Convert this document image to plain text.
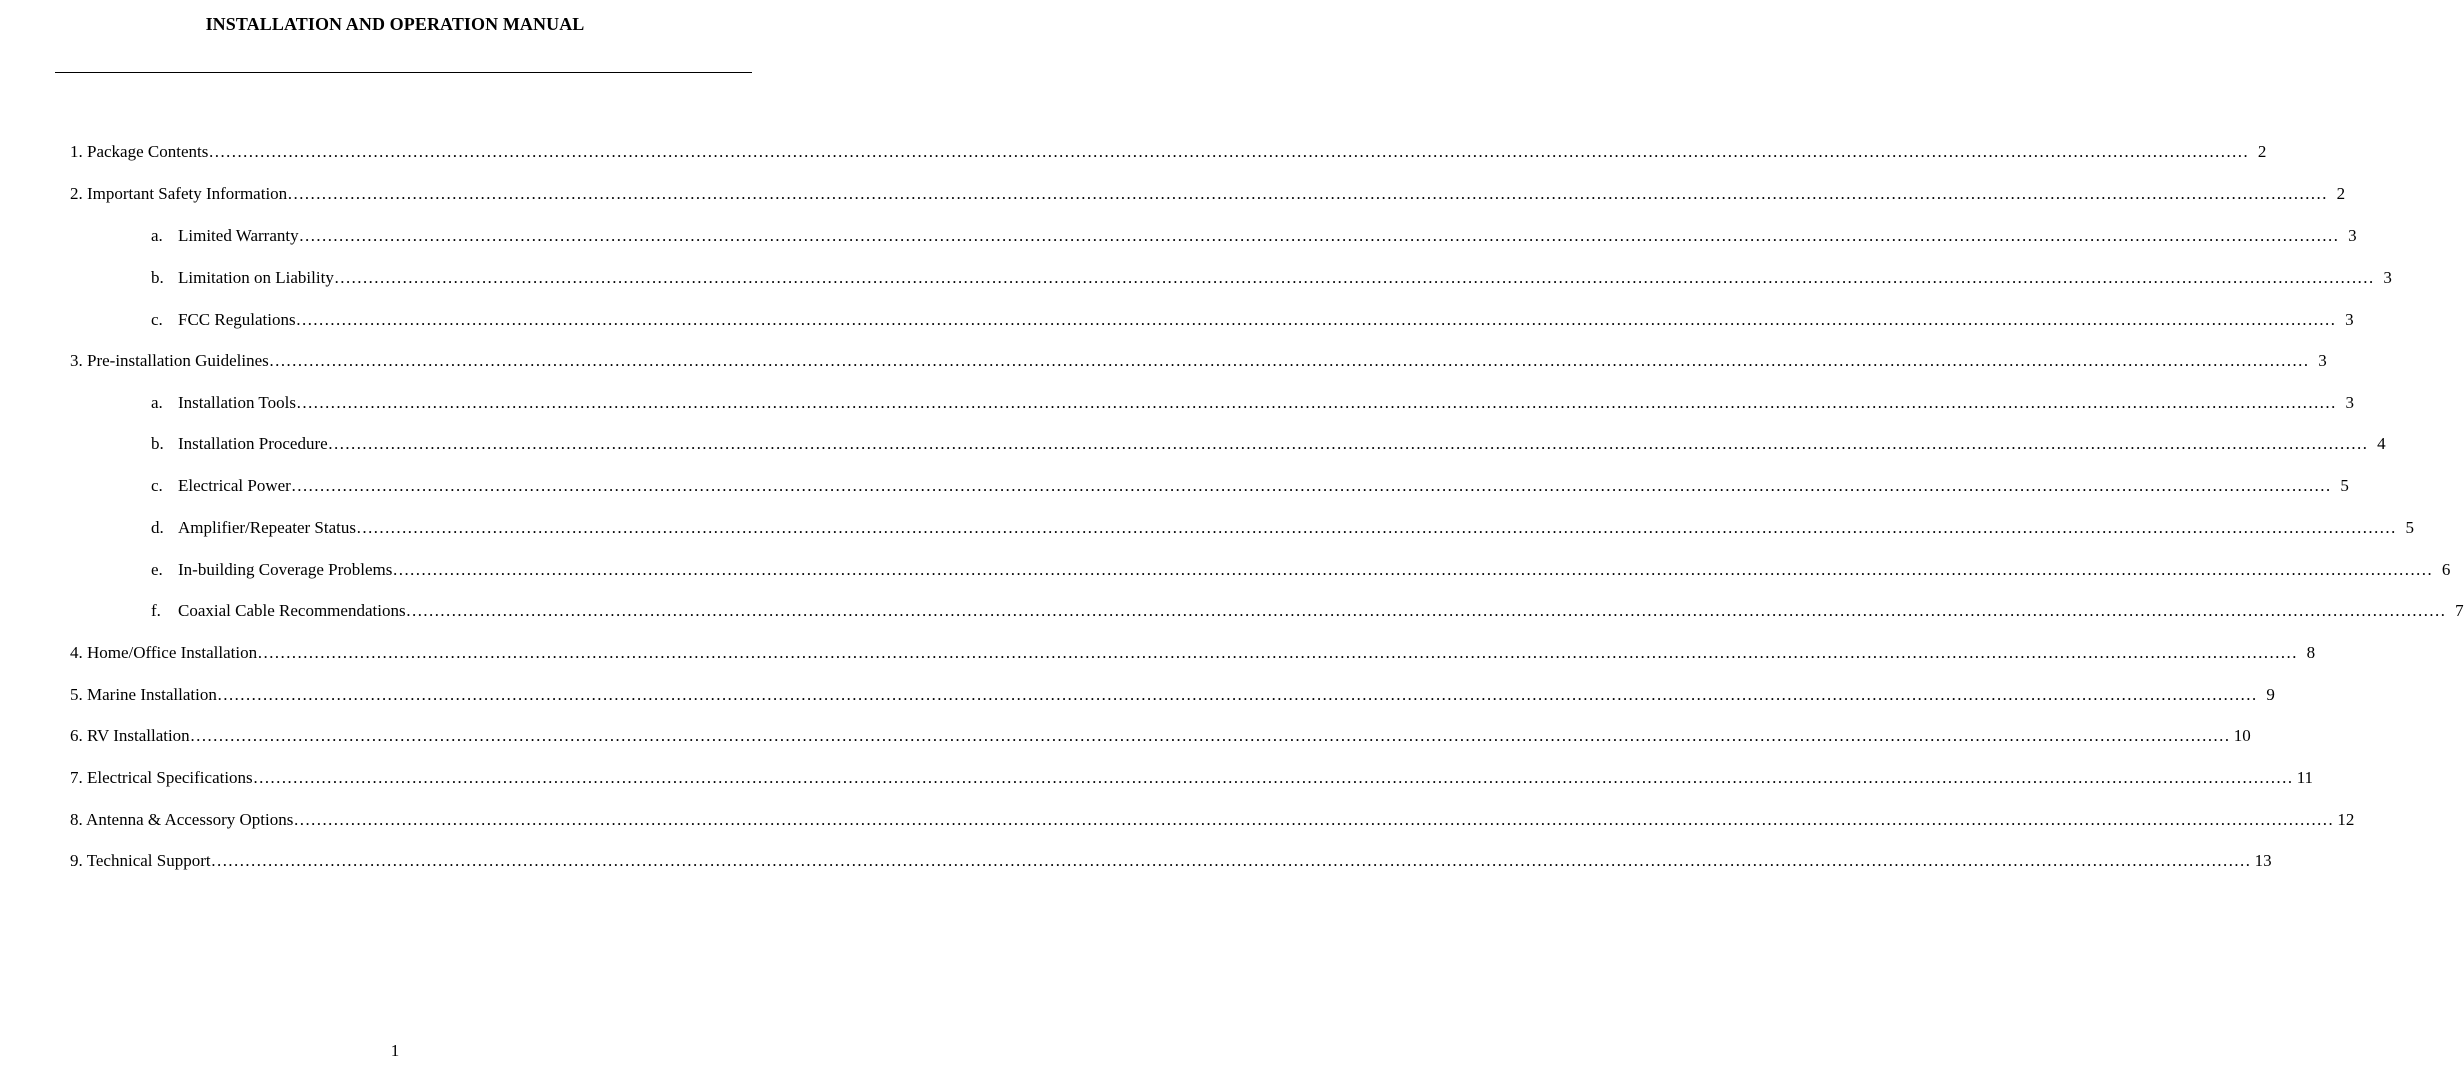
INSTALLATION AND OPERATION MANUAL
1. Package Contents ……………………………………………………………………………………………………………………………………………………………………………………………………………………………………………………………………………………………………………………………… 2
2. Important Safety Information ……………………………………………………………………………………………………………………………………………………………………………………………………………………………………………………………………………………………………………………………… 2
a. Limited Warranty ……………………………………………………………………………………………………………………………………………………………………………………………………………………………………………………………………………………………………………………………… 3
b. Limitation on Liability ……………………………………………………………………………………………………………………………………………………………………………………………………………………………………………………………………………………………………………………………… 3
c. FCC Regulations ……………………………………………………………………………………………………………………………………………………………………………………………………………………………………………………………………………………………………………………………… 3
3. Pre-installation Guidelines ……………………………………………………………………………………………………………………………………………………………………………………………………………………………………………………………………………………………………………………………… 3
a. Installation Tools ……………………………………………………………………………………………………………………………………………………………………………………………………………………………………………………………………………………………………………………………… 3
b. Installation Procedure ……………………………………………………………………………………………………………………………………………………………………………………………………………………………………………………………………………………………………………………………… 4
c. Electrical Power ……………………………………………………………………………………………………………………………………………………………………………………………………………………………………………………………………………………………………………………………… 5
d. Amplifier/Repeater Status ……………………………………………………………………………………………………………………………………………………………………………………………………………………………………………………………………………………………………………………………… 5
e. In-building Coverage Problems ……………………………………………………………………………………………………………………………………………………………………………………………………………………………………………………………………………………………………………………………… 6
f.	Coaxial Cable Recommendations ……………………………………………………………………………………………………………………………………………………………………………………………………………………………………………………………………………………………………………………………… 7
4. Home/Office Installation ……………………………………………………………………………………………………………………………………………………………………………………………………………………………………………………………………………………………………………………………… 8
5. Marine Installation ……………………………………………………………………………………………………………………………………………………………………………………………………………………………………………………………………………………………………………………………… 9
6. RV Installation ……………………………………………………………………………………………………………………………………………………………………………………………………………………………………………………………………………………………………………………………… 10
7. Electrical Specifications ……………………………………………………………………………………………………………………………………………………………………………………………………………………………………………………………………………………………………………………………… 11
8. Antenna & Accessory Options ……………………………………………………………………………………………………………………………………………………………………………………………………………………………………………………………………………………………………………………………… 12
9. Technical Support ……………………………………………………………………………………………………………………………………………………………………………………………………………………………………………………………………………………………………………………………… 13
1
